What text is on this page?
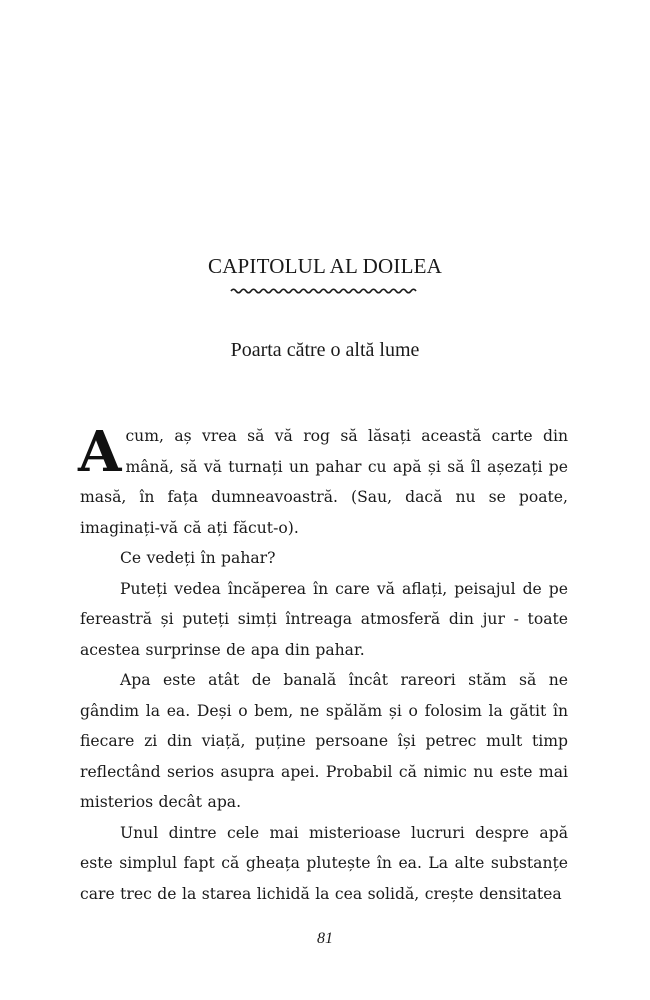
CAPITOLUL AL DOILEA
Poarta către o altă lume

Acum, aș vrea să vă rog să lăsați această carte din mână, să vă turnați un pahar cu apă și să îl așezați pe masă, în fața dumneavoastră. (Sau, dacă nu se poate, imaginați-vă că ați făcut-o).

Ce vedeți în pahar?

Puteți vedea încăperea în care vă aflați, peisajul de pe fereastră și puteți simți întreaga atmosferă din jur - toate acestea surprinse de apa din pahar.

Apa este atât de banală încât rareori stăm să ne gândim la ea. Deși o bem, ne spălăm și o folosim la gătit în fiecare zi din viață, puține persoane își petrec mult timp reflectând serios asupra apei. Probabil că nimic nu este mai misterios decât apa.

Unul dintre cele mai misterioase lucruri despre apă este simplul fapt că gheața plutește în ea. La alte substanțe care trec de la starea lichidă la cea solidă, crește densitatea

81
